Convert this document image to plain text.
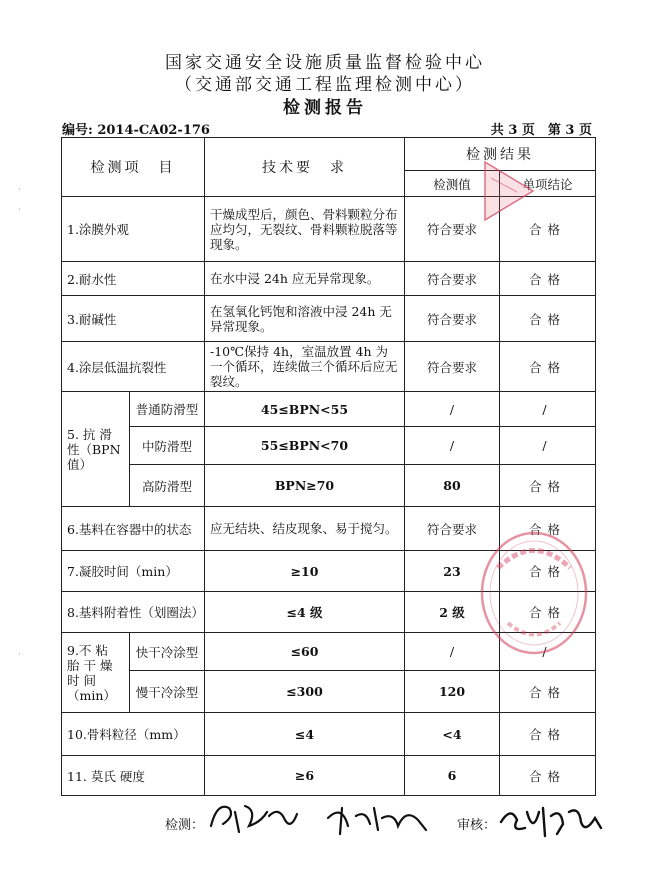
·
·
·
国家交通安全设施质量监督检验中心
（交通部交通工程监理检测中心）
检测报告
编号: 2014-CA02-176	共 3 页　第 3 页
检测项　目		技术要　求	检测结果	
			检测值	单项结论
1.涂膜外观		干燥成型后，颜色、骨料颗粒分布应均匀，无裂纹、骨料颗粒脱落等现象。	符合要求	合格
2.耐水性		在水中浸 24h 应无异常现象。	符合要求	合格
3.耐碱性		在氢氧化钙饱和溶液中浸 24h 无异常现象。	符合要求	合格
4.涂层低温抗裂性		-10℃保持 4h，室温放置 4h 为一个循环，连续做三个循环后应无裂纹。	符合要求	合格
5. 抗 滑 性（BPN 值）	普通防滑型	45≤BPN<55	/	/
	中防滑型	55≤BPN<70	/	/
	高防滑型	BPN≥70	80	合格
6.基料在容器中的状态		应无结块、结皮现象、易于搅匀。	符合要求	合格
7.凝胶时间（min）		≥10	23	合格
8.基料附着性（划圈法）		≤4 级	2 级	合格
9.不 粘 胎 干 燥 时 间（min）	快干冷涂型	≤60	/	/
	慢干冷涂型	≤300	120	合格
10.骨料粒径（mm）		≤4	<4	合格
11. 莫氏 硬度		≥6	6	合格
检测：	审核：
